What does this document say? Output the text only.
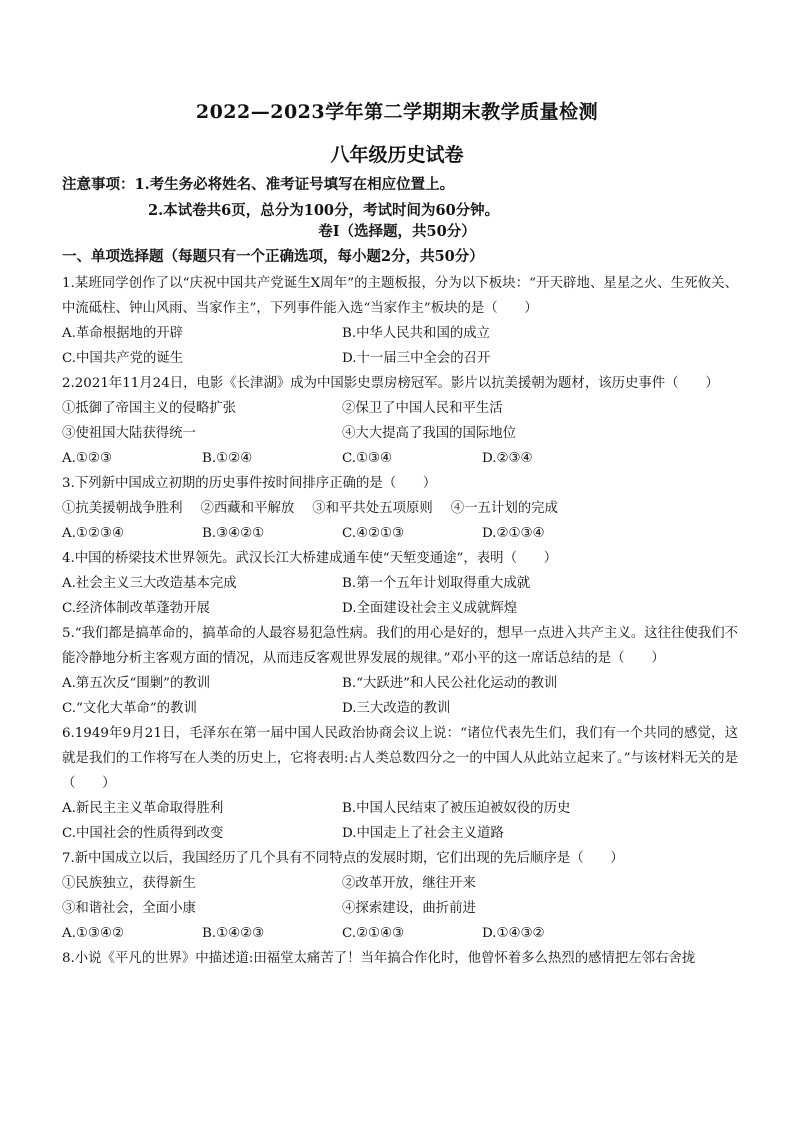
2022—2023学年第二学期期末教学质量检测
八年级历史试卷
注意事项：1.考生务必将姓名、准考证号填写在相应位置上。
2.本试卷共6页，总分为100分，考试时间为60分钟。
卷Ⅰ（选择题，共50分）
一、单项选择题（每题只有一个正确选项，每小题2分，共50分）
1.某班同学创作了以“庆祝中国共产党诞生X周年”的主题板报，分为以下板块：“开天辟地、星星之火、生死攸关、中流砥柱、钟山风雨、当家作主”，下列事件能入选“当家作主”板块的是（　　）
A.革命根据地的开辟	B.中华人民共和国的成立
C.中国共产党的诞生	D.十一届三中全会的召开
2.2021年11月24日，电影《长津湖》成为中国影史票房榜冠军。影片以抗美援朝为题材，该历史事件（　　）
①抵御了帝国主义的侵略扩张	②保卫了中国人民和平生活
③使祖国大陆获得统一	④大大提高了我国的国际地位
A.①②③	B.①②④	C.①③④	D.②③④
3.下列新中国成立初期的历史事件按时间排序正确的是（　　）
①抗美援朝战争胜利 ②西藏和平解放 ③和平共处五项原则 ④一五计划的完成
A.①②③④	B.③④②①	C.④②①③	D.②①③④
4.中国的桥梁技术世界领先。武汉长江大桥建成通车使“天堑变通途”，表明（　　）
A.社会主义三大改造基本完成	B.第一个五年计划取得重大成就
C.经济体制改革蓬勃开展	D.全面建设社会主义成就辉煌
5.“我们都是搞革命的，搞革命的人最容易犯急性病。我们的用心是好的，想早一点进入共产主义。这往往使我们不能冷静地分析主客观方面的情况，从而违反客观世界发展的规律。”邓小平的这一席话总结的是（　　）
A.第五次反“围剿”的教训	B.“大跃进”和人民公社化运动的教训
C.“文化大革命”的教训	D.三大改造的教训
6.1949年9月21日，毛泽东在第一届中国人民政治协商会议上说：“诸位代表先生们，我们有一个共同的感觉，这就是我们的工作将写在人类的历史上，它将表明:占人类总数四分之一的中国人从此站立起来了。”与该材料无关的是（　　）
A.新民主主义革命取得胜利	B.中国人民结束了被压迫被奴役的历史
C.中国社会的性质得到改变	D.中国走上了社会主义道路
7.新中国成立以后，我国经历了几个具有不同特点的发展时期，它们出现的先后顺序是（　　）
①民族独立，获得新生	②改革开放，继往开来
③和谐社会，全面小康	④探索建设，曲折前进
A.①③④②	B.①④②③	C.②①④③	D.①④③②
8.小说《平凡的世界》中描述道:田福堂太痛苦了！当年搞合作化时，他曾怀着多么热烈的感情把左邻右舍拢
